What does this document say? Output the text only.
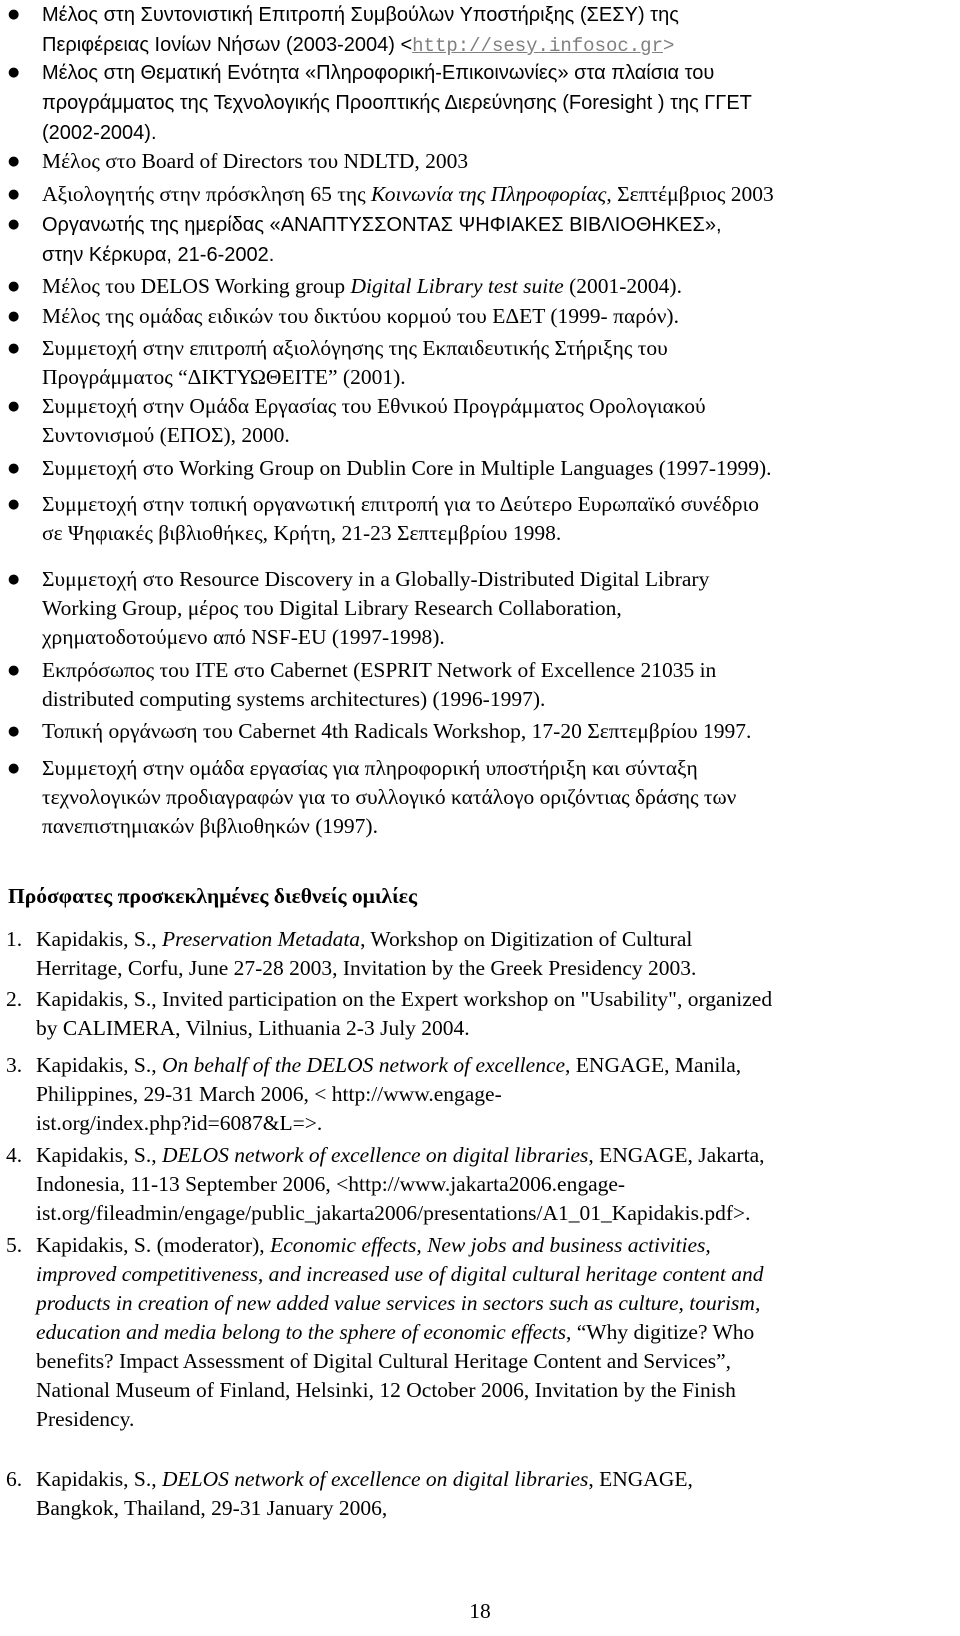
● Μέλος στη Συντονιστική Επιτροπή Συμβούλων Υποστήριξης (ΣΕΣΥ) της
Περιφέρειας Ιονίων Νήσων (2003-2004) <http://sesy.infosoc.gr>
● Μέλος στη Θεματική Ενότητα «Πληροφορική-Επικοινωνίες» στα πλαίσια του
προγράμματος της Τεχνολογικής Προοπτικής Διερεύνησης (Foresight ) της ΓΓΕΤ
(2002-2004).
● Μέλος στο Board of Directors του NDLTD, 2003
● Αξιολογητής στην πρόσκληση 65 της Κοινωνία της Πληροφορίας, Σεπτέμβριος 2003
● Οργανωτής της ημερίδας «ΑΝΑΠΤΥΣΣΟΝΤΑΣ ΨΗΦΙΑΚΕΣ ΒΙΒΛΙΟΘΗΚΕΣ»,
στην Κέρκυρα, 21-6-2002.
● Μέλος του DELOS Working group Digital Library test suite (2001-2004).
● Μέλος της ομάδας ειδικών του δικτύου κορμού του ΕΔΕΤ (1999- παρόν).
● Συμμετοχή στην επιτροπή αξιολόγησης της Εκπαιδευτικής Στήριξης του
Προγράμματος “ΔΙΚΤΥΩΘΕΙΤΕ” (2001).
● Συμμετοχή στην Ομάδα Εργασίας του Εθνικού Προγράμματος Ορολογιακού
Συντονισμού (ΕΠΟΣ), 2000.
● Συμμετοχή στο Working Group on Dublin Core in Multiple Languages (1997-1999).
● Συμμετοχή στην τοπική οργανωτική επιτροπή για το Δεύτερο Ευρωπαϊκό συνέδριο
σε Ψηφιακές βιβλιοθήκες, Κρήτη, 21-23 Σεπτεμβρίου 1998.
● Συμμετοχή στο Resource Discovery in a Globally-Distributed Digital Library
Working Group, μέρος του Digital Library Research Collaboration,
χρηματοδοτούμενο από NSF-EU (1997-1998).
● Εκπρόσωπος του ΙΤΕ στο Cabernet (ESPRIT Network of Excellence 21035 in
distributed computing systems architectures) (1996-1997).
● Τοπική οργάνωση του Cabernet 4th Radicals Workshop, 17-20 Σεπτεμβρίου 1997.
● Συμμετοχή στην ομάδα εργασίας για πληροφορική υποστήριξη και σύνταξη
τεχνολογικών προδιαγραφών για το συλλογικό κατάλογο οριζόντιας δράσης των
πανεπιστημιακών βιβλιοθηκών (1997).
Πρόσφατες προσκεκλημένες διεθνείς ομιλίες
1. Kapidakis, S., Preservation Metadata, Workshop on Digitization of Cultural
Herritage, Corfu, June 27-28 2003, Invitation by the Greek Presidency 2003.
2. Kapidakis, S., Invited participation on the Expert workshop on "Usability", organized
by CALIMERA, Vilnius, Lithuania 2-3 July 2004.
3. Kapidakis, S., On behalf of the DELOS network of excellence, ENGAGE, Manila,
Philippines, 29-31 March 2006, < http://www.engage-
ist.org/index.php?id=6087&L=>.
4. Kapidakis, S., DELOS network of excellence on digital libraries, ENGAGE, Jakarta,
Indonesia, 11-13 September 2006, <http://www.jakarta2006.engage-
ist.org/fileadmin/engage/public_jakarta2006/presentations/A1_01_Kapidakis.pdf>.
5. Kapidakis, S. (moderator), Economic effects, New jobs and business activities,
improved competitiveness, and increased use of digital cultural heritage content and
products in creation of new added value services in sectors such as culture, tourism,
education and media belong to the sphere of economic effects, “Why digitize? Who
benefits? Impact Assessment of Digital Cultural Heritage Content and Services”,
National Museum of Finland, Helsinki, 12 October 2006, Invitation by the Finish
Presidency.
6. Kapidakis, S., DELOS network of excellence on digital libraries, ENGAGE,
Bangkok, Thailand, 29-31 January 2006,
18
